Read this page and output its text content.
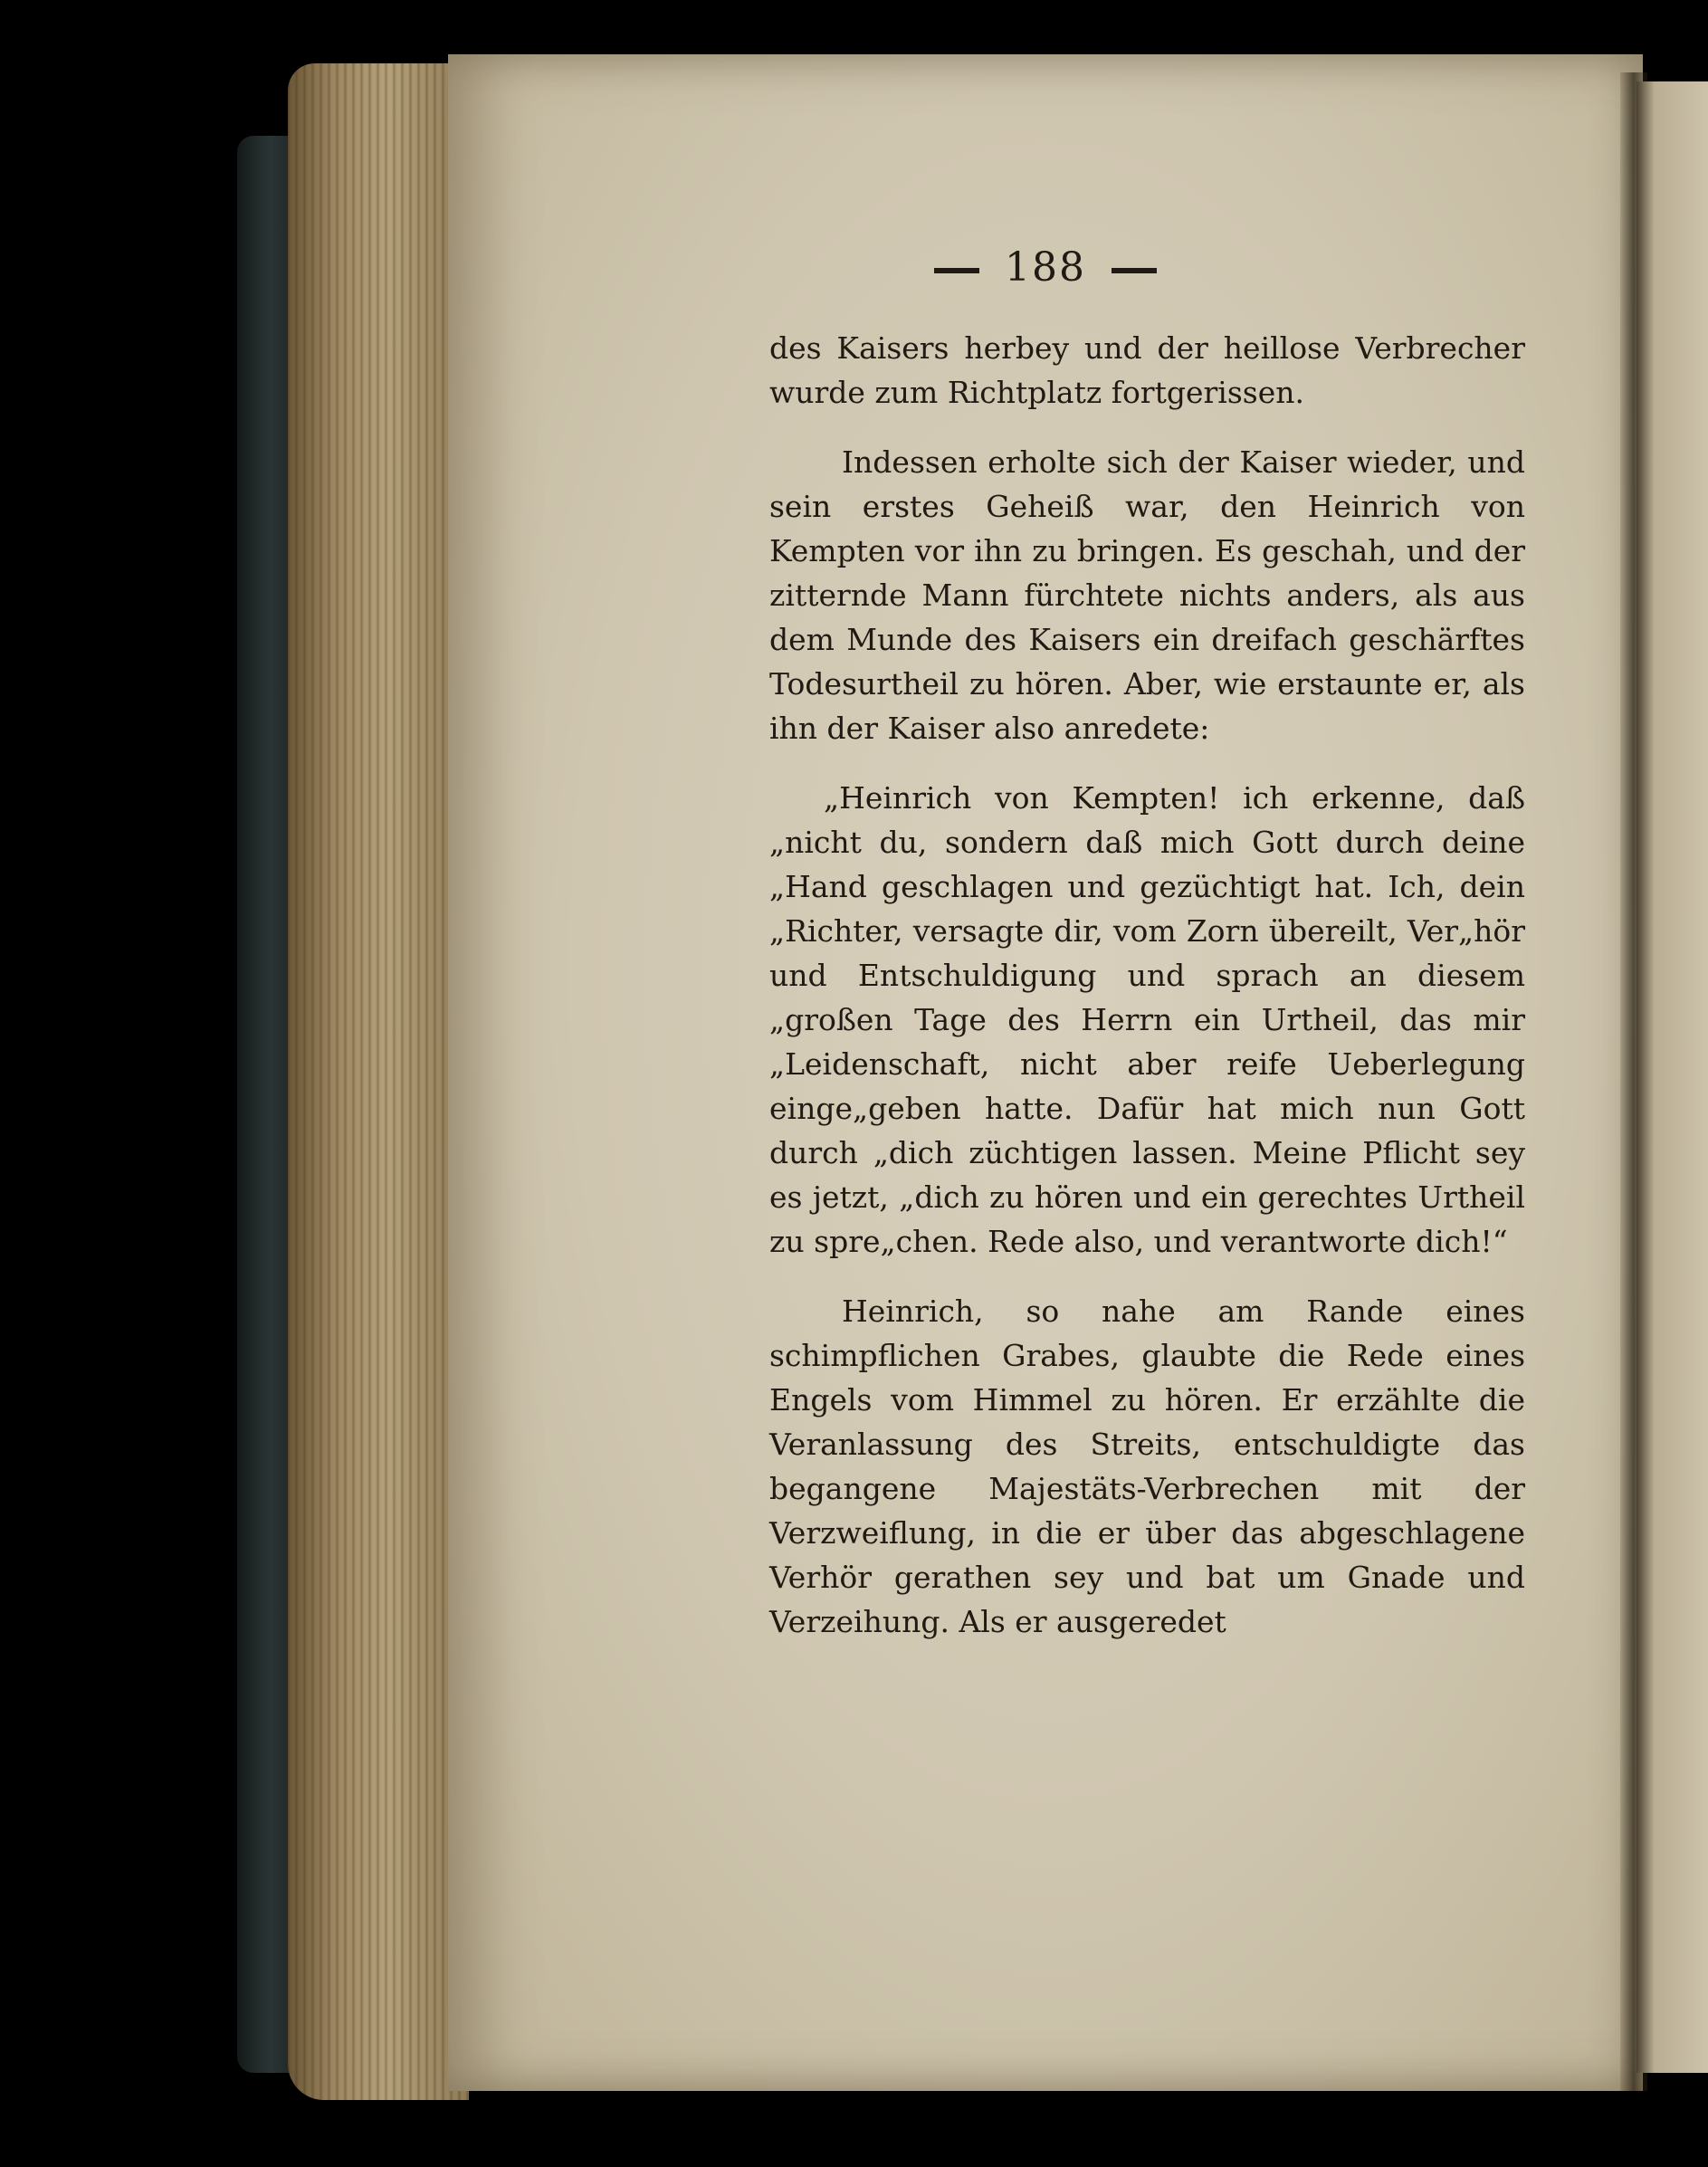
188

des Kaisers herbey und der heillose Verbrecher wurde zum Richtplatz fortgerissen.

Indessen erholte sich der Kaiser wieder, und sein erstes Geheiß war, den Heinrich von Kempten vor ihn zu bringen. Es geschah, und der zitternde Mann fürchtete nichts anders, als aus dem Munde des Kaisers ein dreifach geschärftes Todesurtheil zu hören. Aber, wie erstaunte er, als ihn der Kaiser also anredete:

„Heinrich von Kempten! ich erkenne, daß „nicht du, sondern daß mich Gott durch deine „Hand geschlagen und gezüchtigt hat. Ich, dein „Richter, versagte dir, vom Zorn übereilt, Ver„hör und Entschuldigung und sprach an diesem „großen Tage des Herrn ein Urtheil, das mir „Leidenschaft, nicht aber reife Ueberlegung einge„geben hatte. Dafür hat mich nun Gott durch „dich züchtigen lassen. Meine Pflicht sey es jetzt, „dich zu hören und ein gerechtes Urtheil zu spre„chen. Rede also, und verantworte dich!“

Heinrich, so nahe am Rande eines schimpflichen Grabes, glaubte die Rede eines Engels vom Himmel zu hören. Er erzählte die Veranlassung des Streits, entschuldigte das begangene Majestäts-Verbrechen mit der Verzweiflung, in die er über das abgeschlagene Verhör gerathen sey und bat um Gnade und Verzeihung. Als er ausgeredet
